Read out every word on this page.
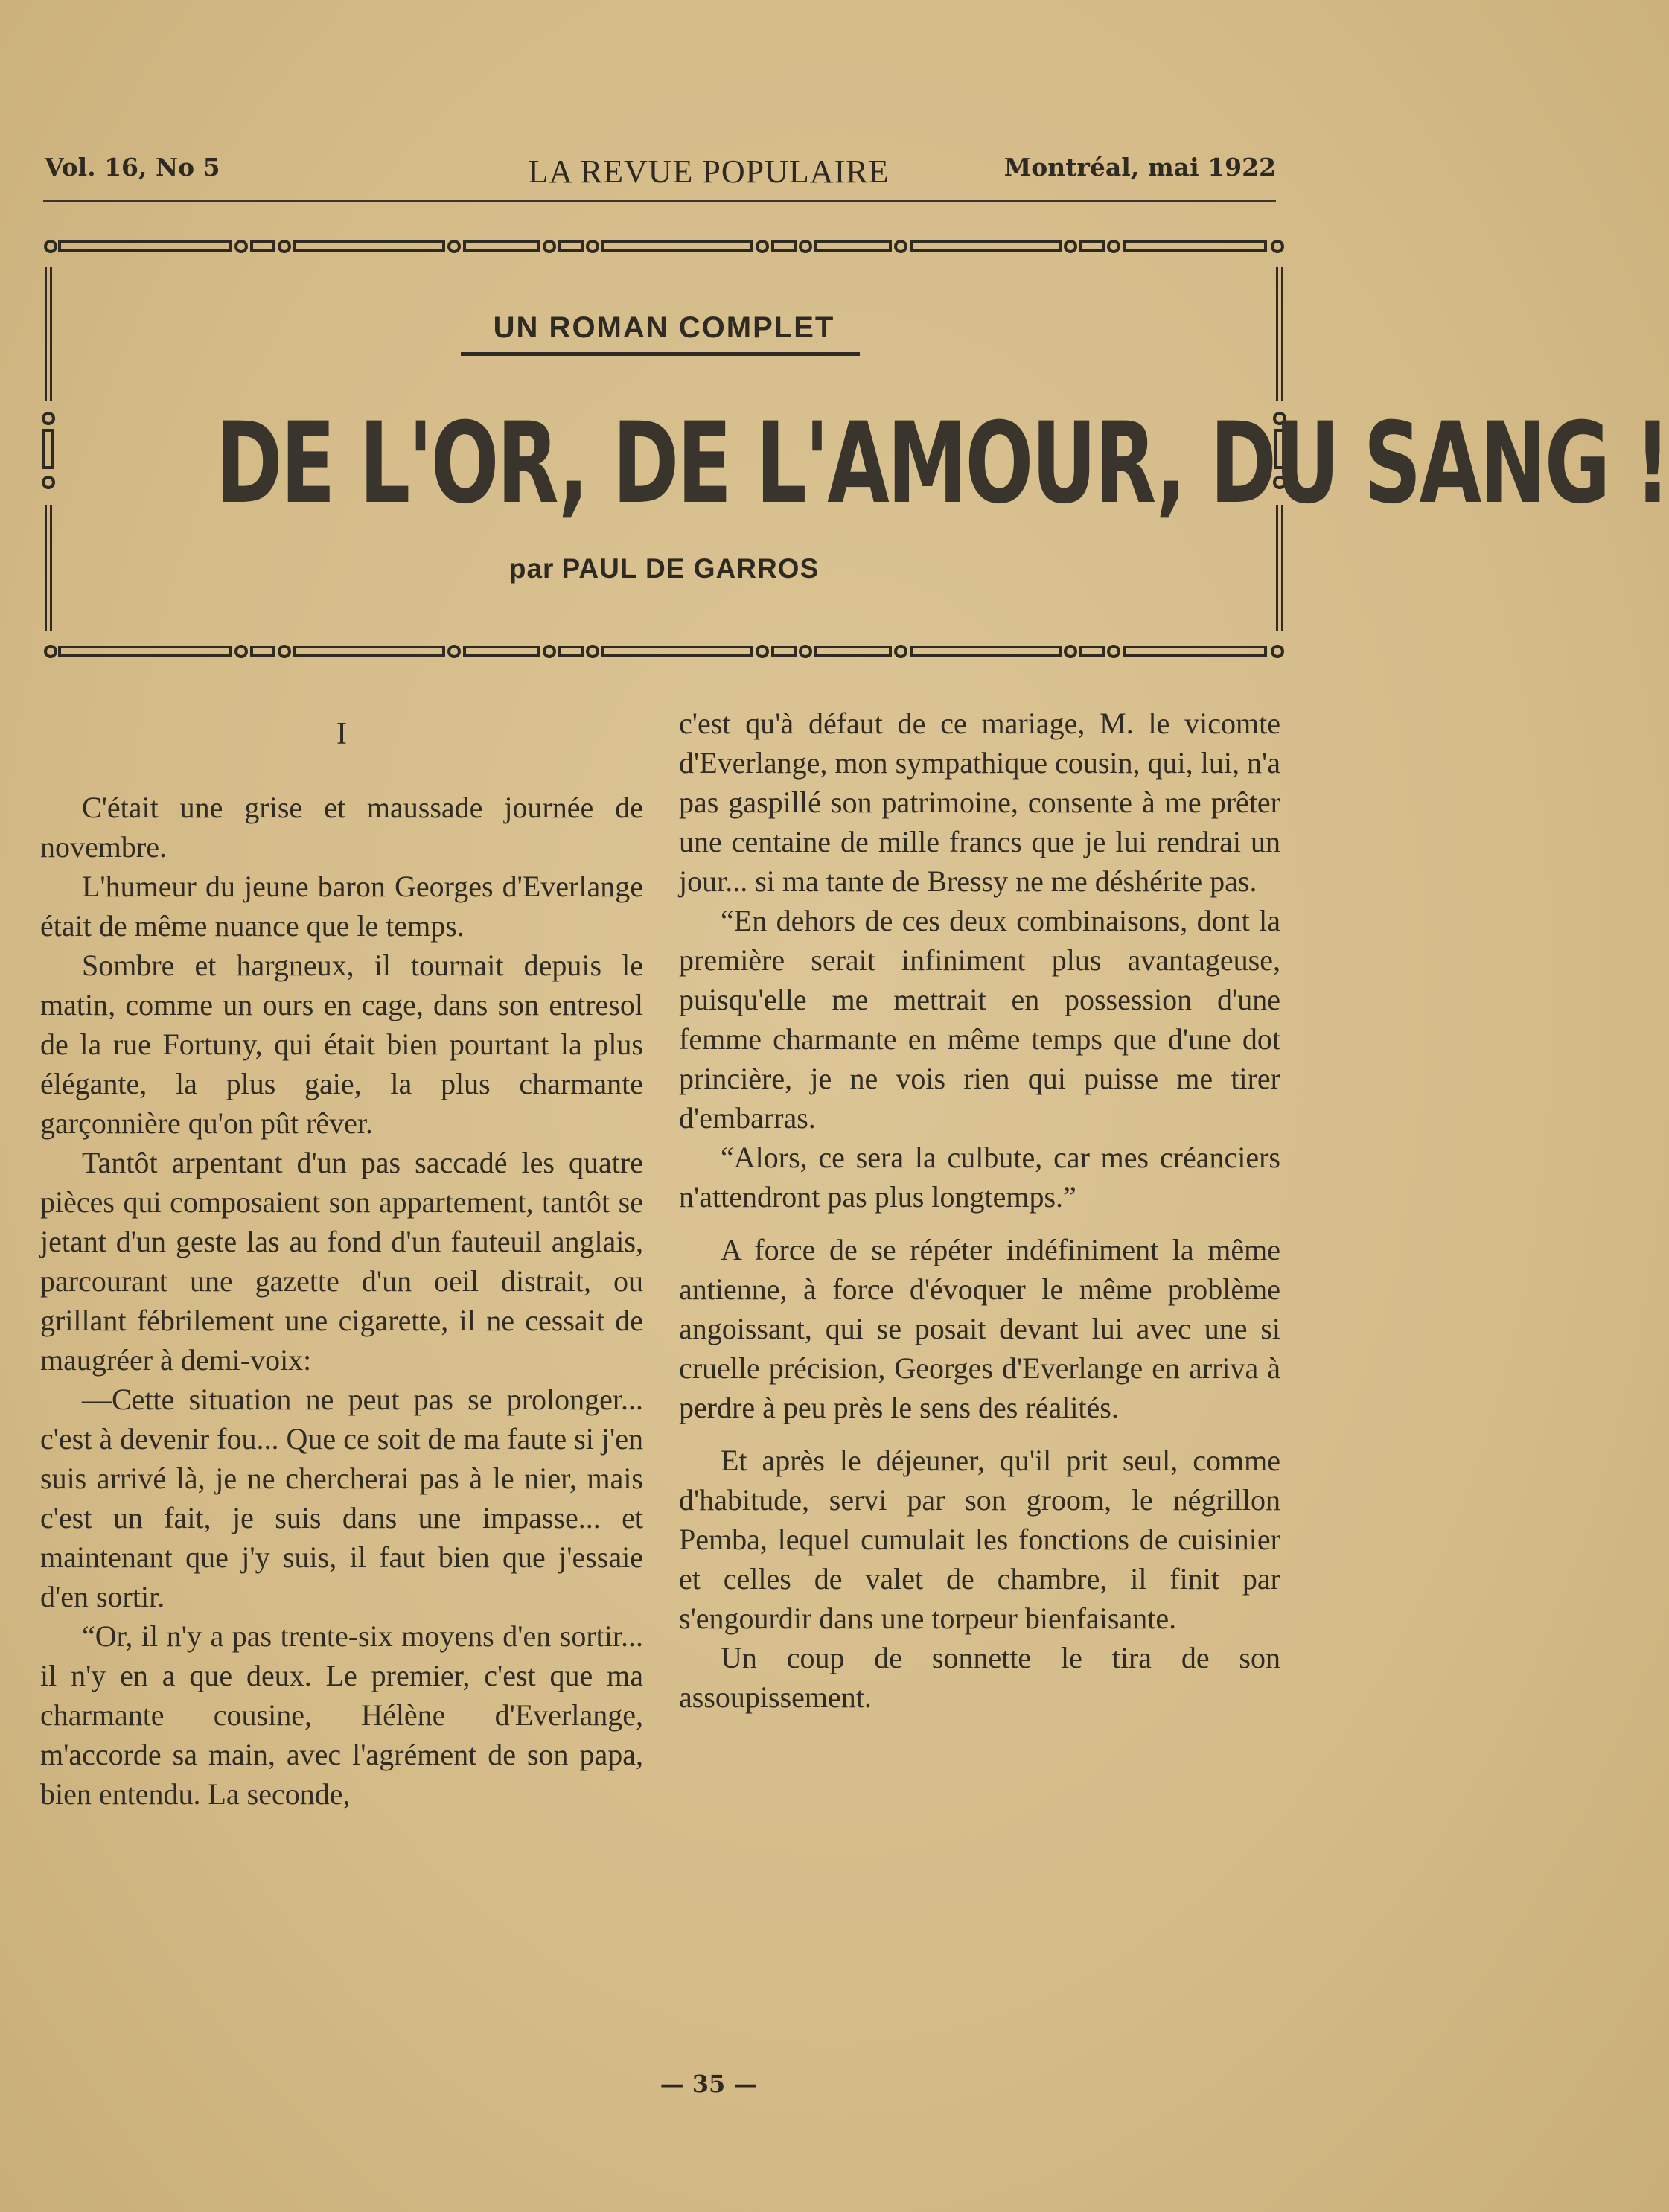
Vol. 16, No 5	LA REVUE POPULAIRE	Montréal, mai 1922
UN ROMAN COMPLET
DE L'OR, DE L'AMOUR, DU SANG !
par PAUL DE GARROS

I

C'était une grise et maussade journée de novembre.

L'humeur du jeune baron Georges d'Everlange était de même nuance que le temps.

Sombre et hargneux, il tournait depuis le matin, comme un ours en cage, dans son entresol de la rue Fortuny, qui était bien pourtant la plus élégante, la plus gaie, la plus charmante garçonnière qu'on pût rêver.

Tantôt arpentant d'un pas saccadé les quatre pièces qui composaient son appartement, tantôt se jetant d'un geste las au fond d'un fauteuil anglais, parcourant une gazette d'un oeil distrait, ou grillant fébrilement une cigarette, il ne cessait de maugréer à demi-voix:

—Cette situation ne peut pas se prolonger... c'est à devenir fou... Que ce soit de ma faute si j'en suis arrivé là, je ne chercherai pas à le nier, mais c'est un fait, je suis dans une impasse... et maintenant que j'y suis, il faut bien que j'essaie d'en sortir.

“Or, il n'y a pas trente-six moyens d'en sortir... il n'y en a que deux. Le premier, c'est que ma charmante cousine, Hélène d'Everlange, m'accorde sa main, avec l'agrément de son papa, bien entendu. La seconde,

c'est qu'à défaut de ce mariage, M. le vicomte d'Everlange, mon sympathique cousin, qui, lui, n'a pas gaspillé son patrimoine, consente à me prêter une centaine de mille francs que je lui rendrai un jour... si ma tante de Bressy ne me déshérite pas.

“En dehors de ces deux combinaisons, dont la première serait infiniment plus avantageuse, puisqu'elle me mettrait en possession d'une femme charmante en même temps que d'une dot princière, je ne vois rien qui puisse me tirer d'embarras.

“Alors, ce sera la culbute, car mes créanciers n'attendront pas plus longtemps.”

A force de se répéter indéfiniment la même antienne, à force d'évoquer le même problème angoissant, qui se posait devant lui avec une si cruelle précision, Georges d'Everlange en arriva à perdre à peu près le sens des réalités.

Et après le déjeuner, qu'il prit seul, comme d'habitude, servi par son groom, le négrillon Pemba, lequel cumulait les fonctions de cuisinier et celles de valet de chambre, il finit par s'engourdir dans une torpeur bienfaisante.

Un coup de sonnette le tira de son assoupissement.

— 35 —
